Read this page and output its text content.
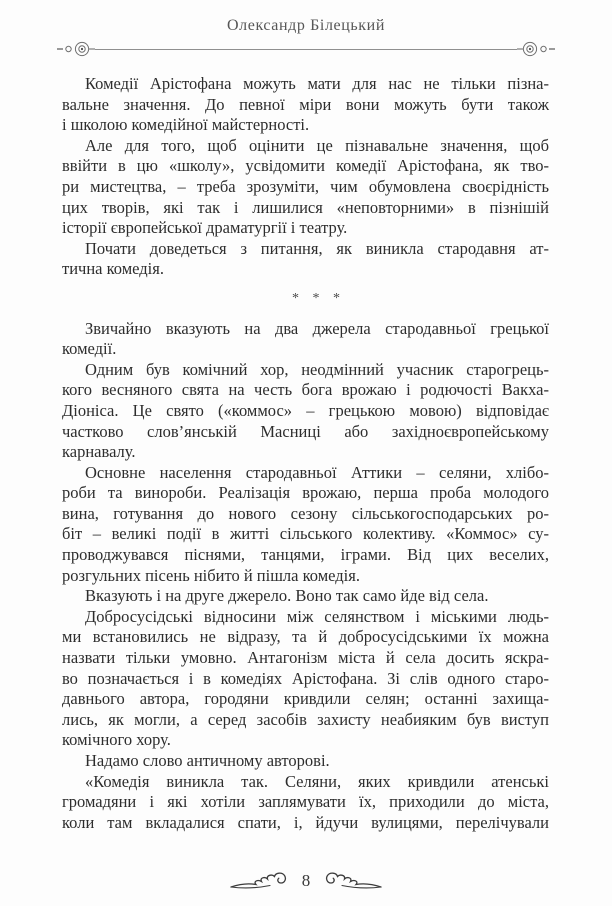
Олександр Білецький
Комедії Арістофана можуть мати для нас не тільки пізна-
вальне значення. До певної міри вони можуть бути також
і школою комедійної майстерності.
Але для того, щоб оцінити це пізнавальне значення, щоб
ввійти в цю «школу», усвідомити комедії Арістофана, як тво-
ри мистецтва, – треба зрозуміти, чим обумовлена своєрідність
цих творів, які так і лишилися «неповторними» в пізнішій
історії європейської драматургії і театру.
Почати доведеться з питання, як виникла стародавня ат-
тична комедія.
* * *
Звичайно вказують на два джерела стародавньої грецької
комедії.
Одним був комічний хор, неодмінний учасник старогрець-
кого весняного свята на честь бога врожаю і родючості Вакха-
Діоніса. Це свято («коммос» – грецькою мовою) відповідає
частково слов’янській Масниці або західноєвропейському
карнавалу.
Основне населення стародавньої Аттики – селяни, хлібо-
роби та винороби. Реалізація врожаю, перша проба молодого
вина, готування до нового сезону сільськогосподарських ро-
біт – великі події в житті сільського колективу. «Коммос» су-
проводжувався піснями, танцями, іграми. Від цих веселих,
розгульних пісень нібито й пішла комедія.
Вказують і на друге джерело. Воно так само йде від села.
Добросусідські відносини між селянством і міськими людь-
ми встановились не відразу, та й добросусідськими їх можна
назвати тільки умовно. Антагонізм міста й села досить яскра-
во позначається і в комедіях Арістофана. Зі слів одного старо-
давнього автора, городяни кривдили селян; останні захища-
лись, як могли, а серед засобів захисту неабияким був виступ
комічного хору.
Надамо слово античному авторові.
«Комедія виникла так. Селяни, яких кривдили атенські
громадяни і які хотіли заплямувати їх, приходили до міста,
коли там вкладалися спати, і, йдучи вулицями, перелічували
8
